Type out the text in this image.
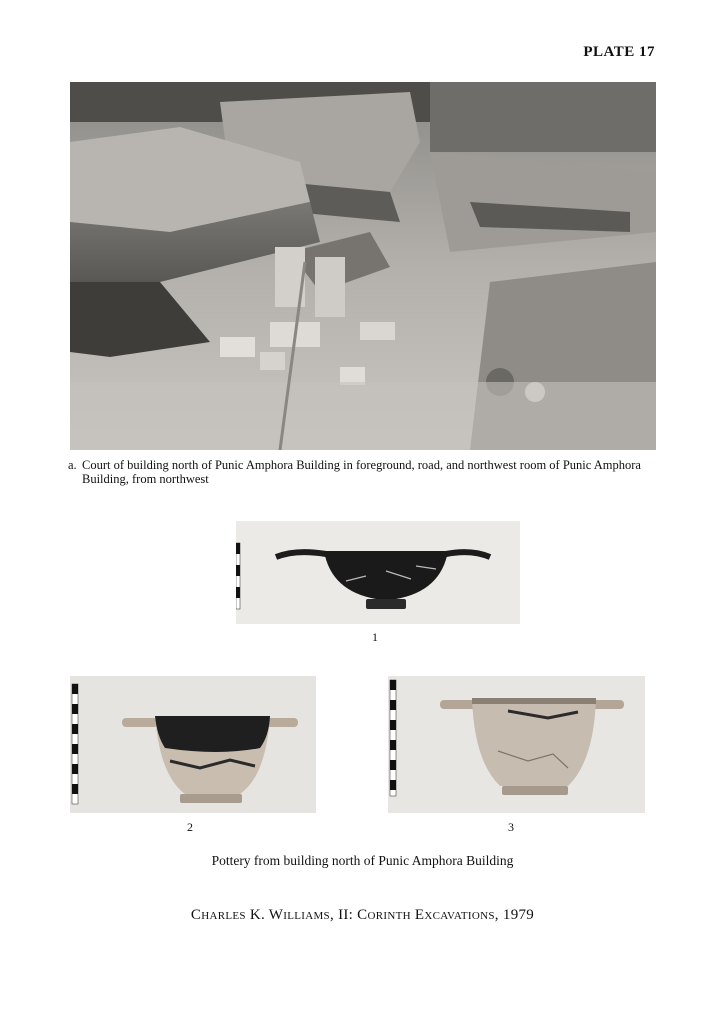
PLATE 17
a. Court of building north of Punic Amphora Building in foreground, road, and northwest room of Punic Amphora Building, from northwest
1
2	3
Pottery from building north of Punic Amphora Building
Charles K. Williams, II: Corinth Excavations, 1979
